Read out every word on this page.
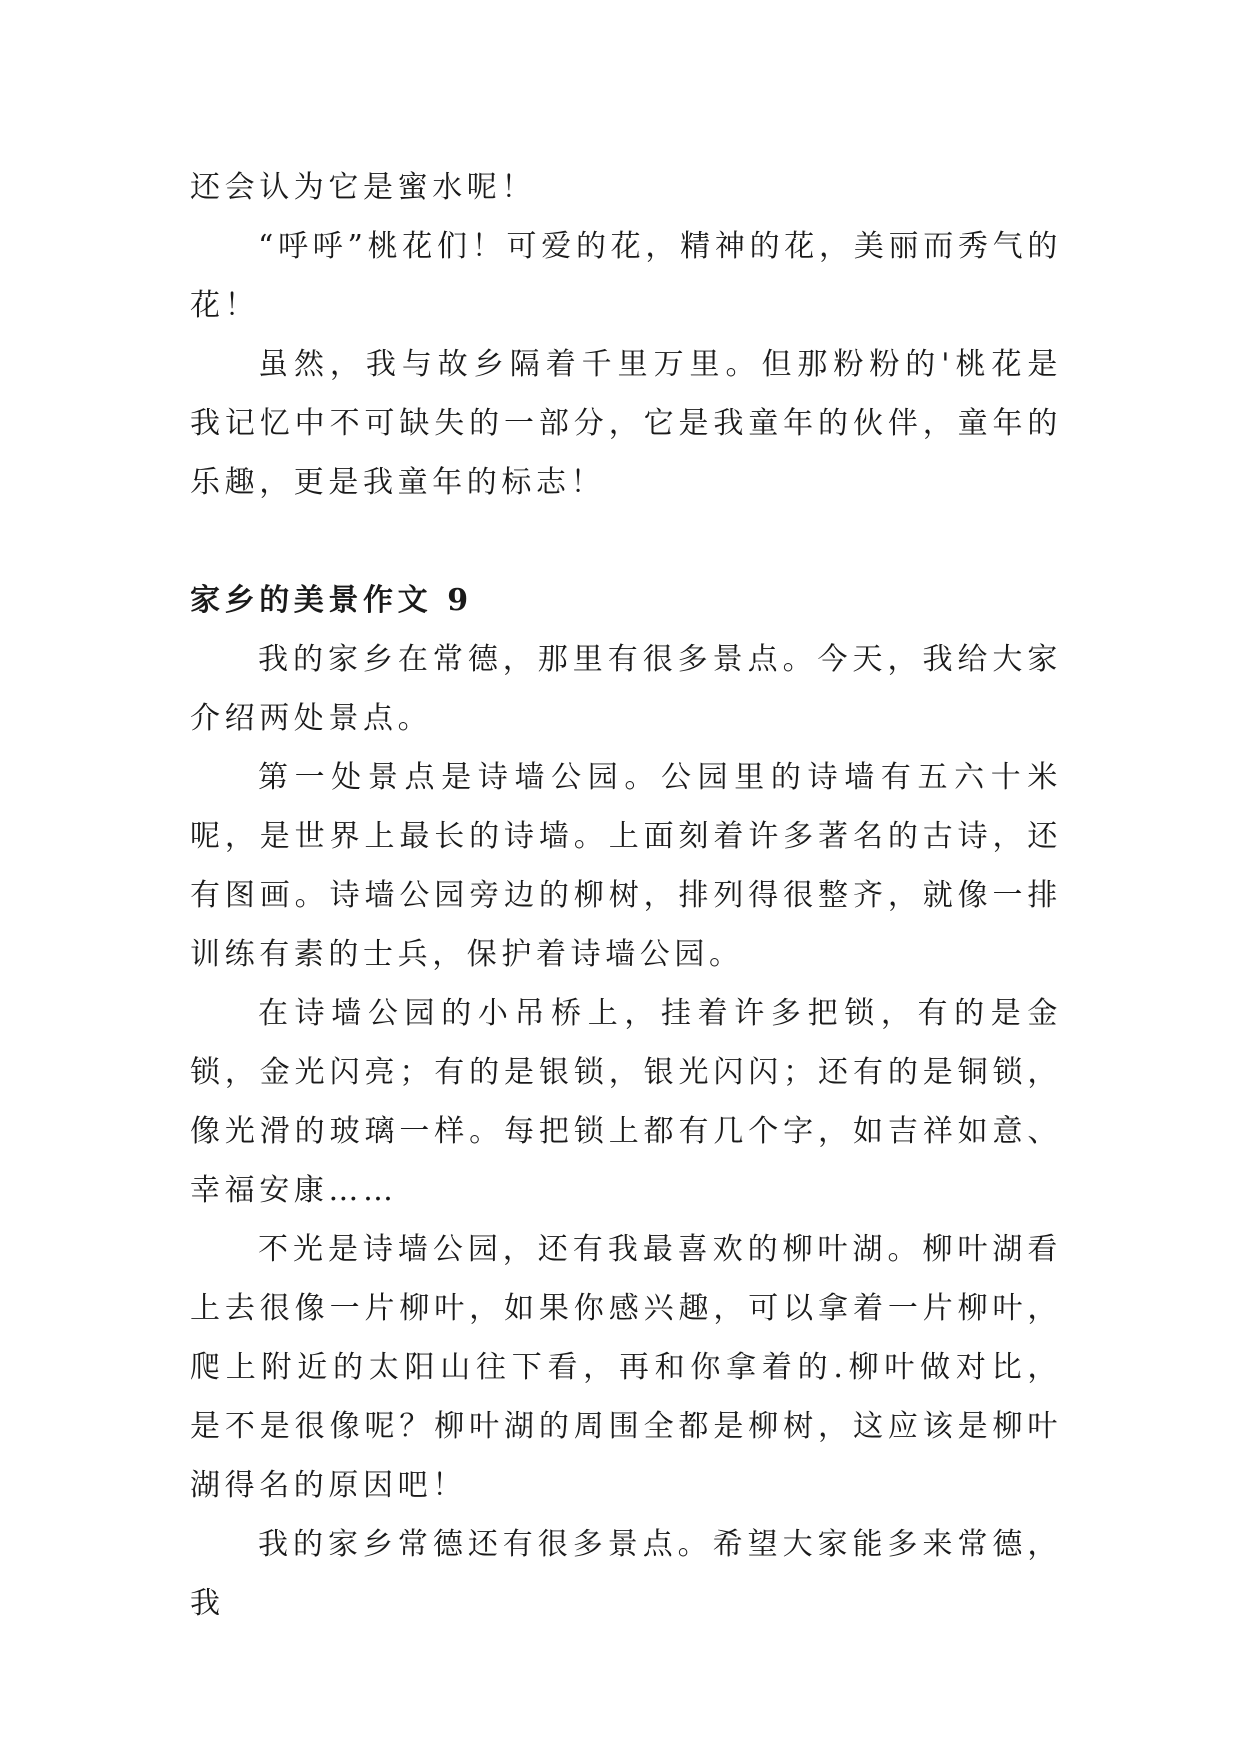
还会认为它是蜜水呢！

“呼呼”桃花们！可爱的花，精神的花，美丽而秀气的花！

虽然，我与故乡隔着千里万里。但那粉粉的'桃花是我记忆中不可缺失的一部分，它是我童年的伙伴，童年的乐趣，更是我童年的标志！

家乡的美景作文 9

我的家乡在常德，那里有很多景点。今天，我给大家介绍两处景点。

第一处景点是诗墙公园。公园里的诗墙有五六十米呢，是世界上最长的诗墙。上面刻着许多著名的古诗，还有图画。诗墙公园旁边的柳树，排列得很整齐，就像一排训练有素的士兵，保护着诗墙公园。

在诗墙公园的小吊桥上，挂着许多把锁，有的是金锁，金光闪亮；有的是银锁，银光闪闪；还有的是铜锁，像光滑的玻璃一样。每把锁上都有几个字，如吉祥如意、幸福安康……

不光是诗墙公园，还有我最喜欢的柳叶湖。柳叶湖看上去很像一片柳叶，如果你感兴趣，可以拿着一片柳叶，爬上附近的太阳山往下看，再和你拿着的.柳叶做对比，是不是很像呢？柳叶湖的周围全都是柳树，这应该是柳叶湖得名的原因吧！

我的家乡常德还有很多景点。希望大家能多来常德，我
